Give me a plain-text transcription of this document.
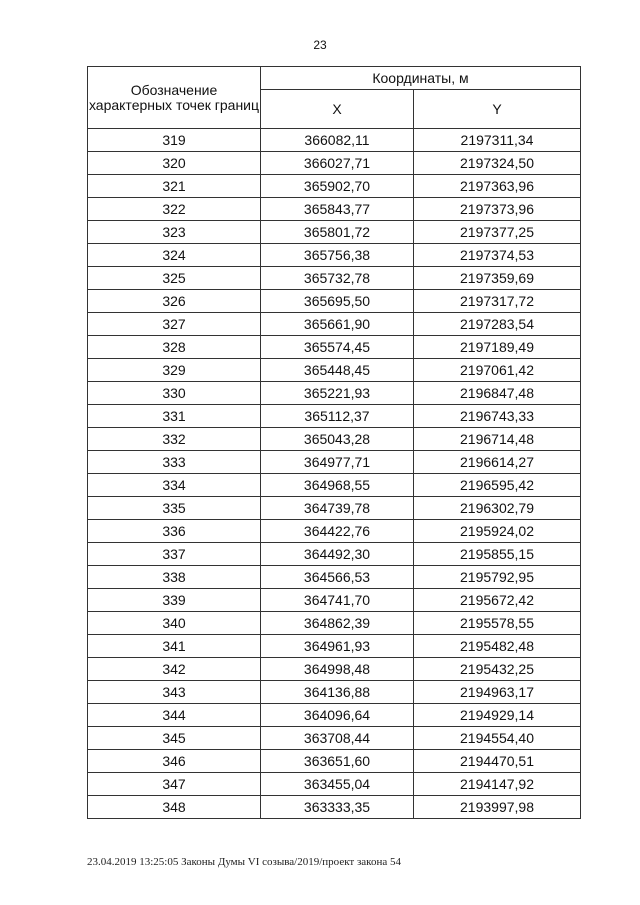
23
Обозначение характерных точек границ	Координаты, м	
	X	Y
319	366082,11	2197311,34
320	366027,71	2197324,50
321	365902,70	2197363,96
322	365843,77	2197373,96
323	365801,72	2197377,25
324	365756,38	2197374,53
325	365732,78	2197359,69
326	365695,50	2197317,72
327	365661,90	2197283,54
328	365574,45	2197189,49
329	365448,45	2197061,42
330	365221,93	2196847,48
331	365112,37	2196743,33
332	365043,28	2196714,48
333	364977,71	2196614,27
334	364968,55	2196595,42
335	364739,78	2196302,79
336	364422,76	2195924,02
337	364492,30	2195855,15
338	364566,53	2195792,95
339	364741,70	2195672,42
340	364862,39	2195578,55
341	364961,93	2195482,48
342	364998,48	2195432,25
343	364136,88	2194963,17
344	364096,64	2194929,14
345	363708,44	2194554,40
346	363651,60	2194470,51
347	363455,04	2194147,92
348	363333,35	2193997,98
23.04.2019 13:25:05 Законы Думы VI созыва/2019/проект закона 54
